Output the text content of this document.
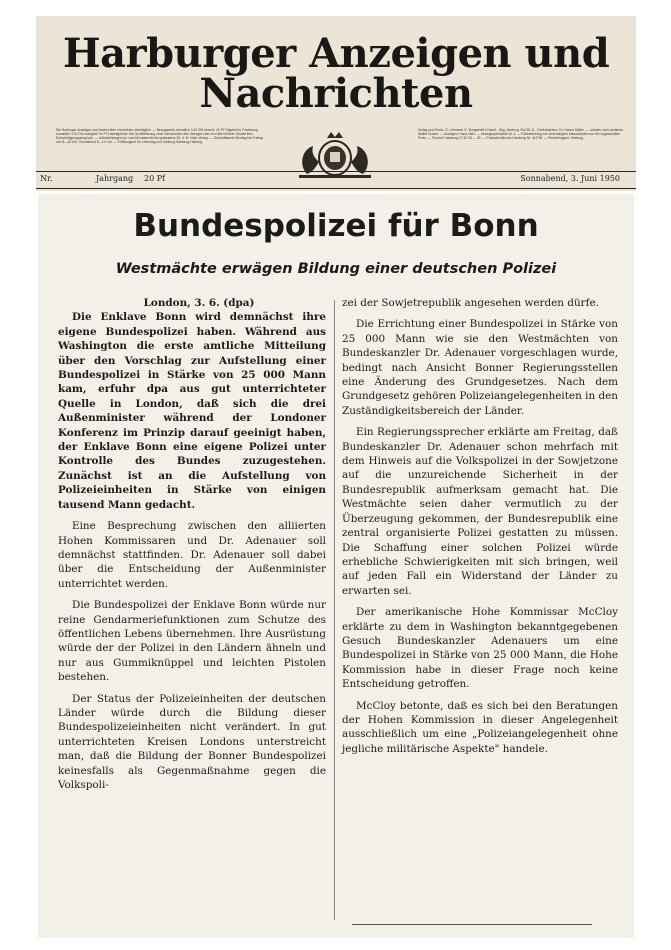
Harburger Anzeigen und Nachrichten
Die Harburger Anzeigen und Nachrichten erscheinen werktäglich. — Bezugspreis monatlich 3,40 DM einschl. 40 Pf Trägerlohn, Postbezug monatlich 3,40 DM zuzüglich 54 Pf Zustellgebühr. Bei Nichtlieferung ohne Verschulden des Verlages oder im Falle höherer Gewalt kein Entschädigungsanspruch. — Abbestellungen nur zum Monatsende bis spätestens 25. d. M. beim Verlag. — Geschäftszeit: Montag bis Freitag von 8—18 Uhr, Sonnabend 8—12 Uhr. — Erfüllungsort für Lieferung und Zahlung Hamburg-Harburg.
Verlag und Druck: G. Lühmann G. Burgwedel's Nachf., Hbg.-Harburg. Ruf 35-11. Chefredakteur: Dr. Hanns Müller. — Lokales und Landkreis: Walter Krome. — Anzeigen: Hans Utes. — Anzeigenpreisliste Nr. 4. — Rücksendung von unverlangten Manuskripten nur bei zugesandtem Porto. — Fernruf: Hamburg 37 52 08 — 09. — Postscheckkonto Hamburg Nr. 412 58. — Postverlagsort: Harburg.
Nr.	Jahrgang 20 Pf	Sonnabend, 3. Juni 1950
Bundespolizei für Bonn
Westmächte erwägen Bildung einer deutschen Polizei

London, 3. 6. (dpa)

Die Enklave Bonn wird demnächst ihre eigene Bundespolizei haben. Während aus Washington die erste amtliche Mitteilung über den Vorschlag zur Aufstellung einer Bundespolizei in Stärke von 25 000 Mann kam, erfuhr dpa aus gut unterrichteter Quelle in London, daß sich die drei Außenminister während der Londoner Konferenz im Prinzip darauf geeinigt haben, der Enklave Bonn eine eigene Polizei unter Kontrolle des Bundes zuzugestehen. Zunächst ist an die Aufstellung von Polizeieinheiten in Stärke von einigen tausend Mann gedacht.

Eine Besprechung zwischen den alliierten Hohen Kommissaren und Dr. Adenauer soll demnächst stattfinden. Dr. Adenauer soll dabei über die Entscheidung der Außenminister unterrichtet werden.

Die Bundespolizei der Enklave Bonn würde nur reine Gendarmeriefunktionen zum Schutze des öffentlichen Lebens übernehmen. Ihre Ausrüstung würde der der Polizei in den Ländern ähneln und nur aus Gummiknüppel und leichten Pistolen bestehen.

Der Status der Polizeieinheiten der deutschen Länder würde durch die Bildung dieser Bundespolizeieinheiten nicht verändert. In gut unterrichteten Kreisen Londons unterstreicht man, daß die Bildung der Bonner Bundespolizei keinesfalls als Gegenmaßnahme gegen die Volkspoli-

zei der Sowjetrepublik angesehen werden dürfe.

Die Errichtung einer Bundespolizei in Stärke von 25 000 Mann wie sie den Westmächten von Bundeskanzler Dr. Adenauer vorgeschlagen wurde, bedingt nach Ansicht Bonner Regierungsstellen eine Änderung des Grundgesetzes. Nach dem Grundgesetz gehören Polizeiangelegenheiten in den Zuständigkeitsbereich der Länder.

Ein Regierungssprecher erklärte am Freitag, daß Bundeskanzler Dr. Adenauer schon mehrfach mit dem Hinweis auf die Volkspolizei in der Sowjetzone auf die unzureichende Sicherheit in der Bundesrepublik aufmerksam gemacht hat. Die Westmächte seien daher vermutlich zu der Überzeugung gekommen, der Bundesrepublik eine zentral organisierte Polizei gestatten zu müssen. Die Schaffung einer solchen Polizei würde erhebliche Schwierigkeiten mit sich bringen, weil auf jeden Fall ein Widerstand der Länder zu erwarten sei.

Der amerikanische Hohe Kommissar McCloy erklärte zu dem in Washington bekanntgegebenen Gesuch Bundeskanzler Adenauers um eine Bundespolizei in Stärke von 25 000 Mann, die Hohe Kommission habe in dieser Frage noch keine Entscheidung getroffen.

McCloy betonte, daß es sich bei den Beratungen der Hohen Kommission in dieser Angelegenheit ausschließlich um eine „Polizeiangelegenheit ohne jegliche militärische Aspekte" handele.
